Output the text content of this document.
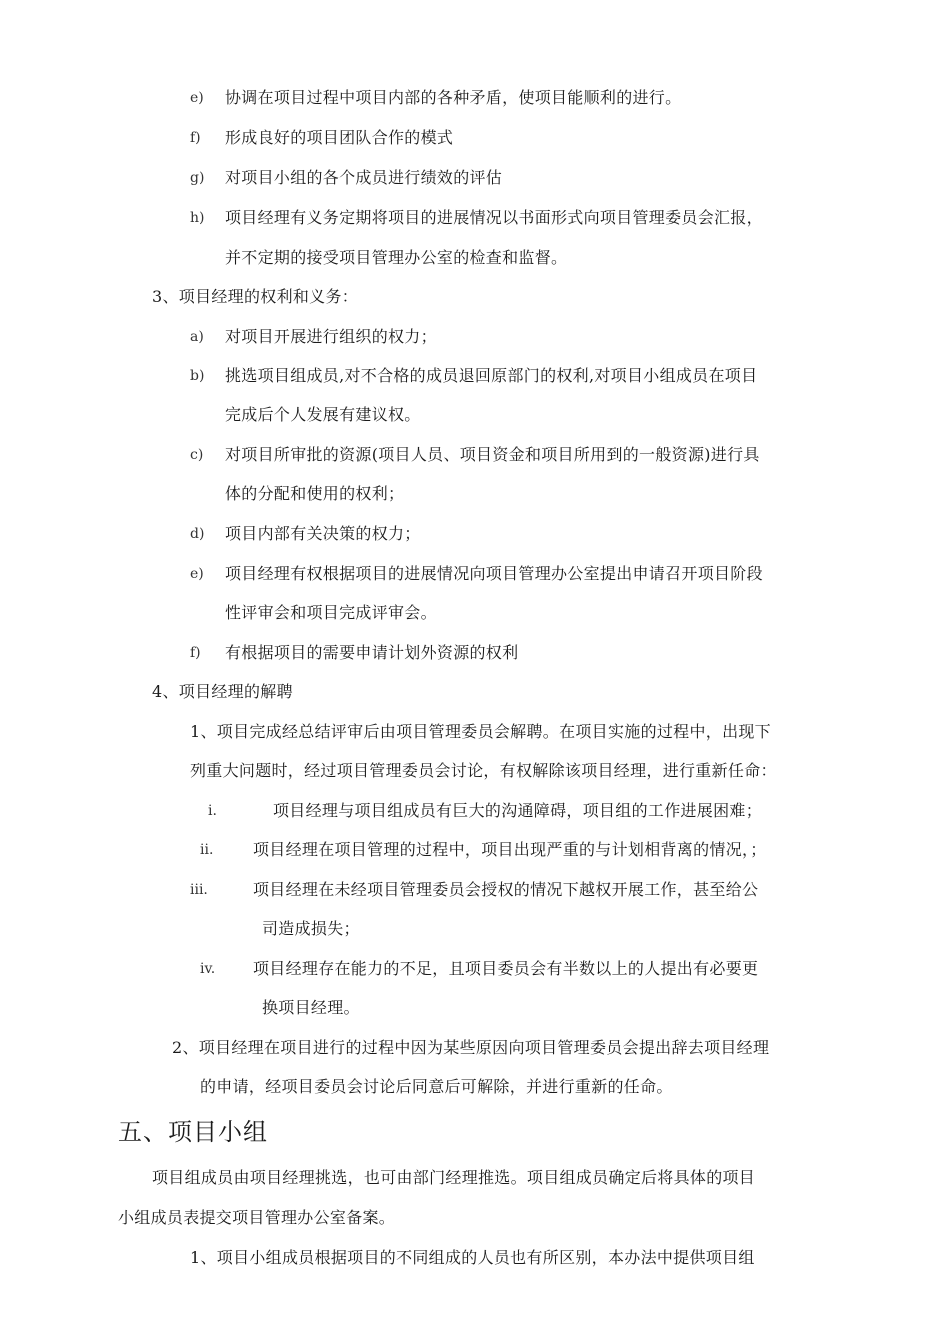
e) 协调在项目过程中项目内部的各种矛盾，使项目能顺利的进行。
f) 形成良好的项目团队合作的模式
g) 对项目小组的各个成员进行绩效的评估
h) 项目经理有义务定期将项目的进展情况以书面形式向项目管理委员会汇报，
并不定期的接受项目管理办公室的检查和监督。
3、项目经理的权利和义务：
a) 对项目开展进行组织的权力；
b) 挑选项目组成员,对不合格的成员退回原部门的权利,对项目小组成员在项目
完成后个人发展有建议权。
c) 对项目所审批的资源(项目人员、项目资金和项目所用到的一般资源)进行具
体的分配和使用的权利；
d) 项目内部有关决策的权力；
e) 项目经理有权根据项目的进展情况向项目管理办公室提出申请召开项目阶段
性评审会和项目完成评审会。
f) 有根据项目的需要申请计划外资源的权利
4、项目经理的解聘
1、项目完成经总结评审后由项目管理委员会解聘。在项目实施的过程中，出现下
列重大问题时，经过项目管理委员会讨论，有权解除该项目经理，进行重新任命：
i.	项目经理与项目组成员有巨大的沟通障碍，项目组的工作进展困难；
ii. 项目经理在项目管理的过程中，项目出现严重的与计划相背离的情况，；
iii.	项目经理在未经项目管理委员会授权的情况下越权开展工作，甚至给公
司造成损失；
iv. 项目经理存在能力的不足，且项目委员会有半数以上的人提出有必要更
换项目经理。
2、项目经理在项目进行的过程中因为某些原因向项目管理委员会提出辞去项目经理
的申请，经项目委员会讨论后同意后可解除，并进行重新的任命。
五、项目小组
项目组成员由项目经理挑选，也可由部门经理推选。项目组成员确定后将具体的项目
小组成员表提交项目管理办公室备案。
1、项目小组成员根据项目的不同组成的人员也有所区别，本办法中提供项目组
